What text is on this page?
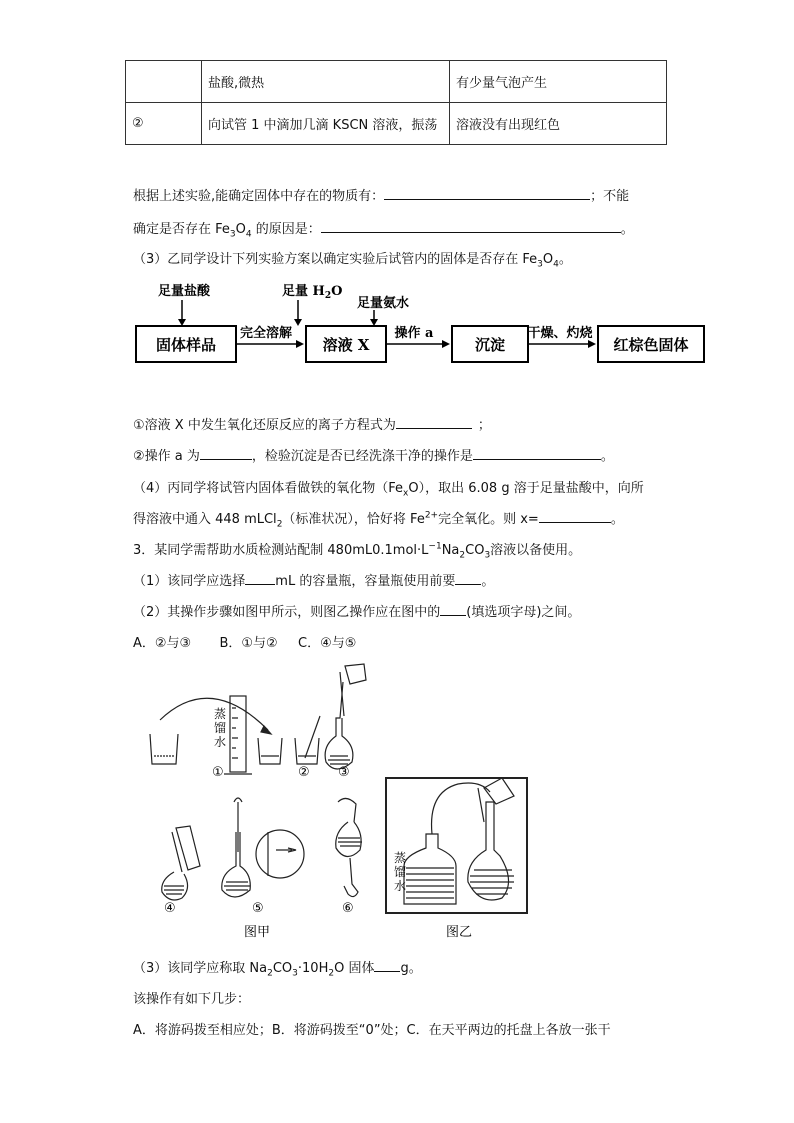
	盐酸,微热	有少量气泡产生
②	向试管 1 中滴加几滴 KSCN 溶液，振荡	溶液没有出现红色
根据上述实验,能确定固体中存在的物质有：	；不能
确定是否存在 $Fe_3O_4$ 的原因是：	。
（3）乙同学设计下列实验方案以确定实验后试管内的固体是否存在 $Fe_3O_4$。
足量盐酸	足量 $H_2O$
足量氨水
固体样品
完全溶解
溶液 X
操作 a
沉淀
干燥、灼烧
红棕色固体
①溶液 X 中发生氧化还原反应的离子方程式为	；
②操作 a 为	，检验沉淀是否已经洗涤干净的操作是	。
（4）丙同学将试管内固体看做铁的氧化物$(Fe_xO)$，取出 6.08 g 溶于足量盐酸中，向所
得溶液中通入 448 mLCl$_2$（标准状况），恰好将 $Fe^{2+}$完全氧化。则 x=	。
3．某同学需帮助水质检测站配制 $480mL0.1mol\cdot L^{-1}Na_2CO_3$溶液以备使用。
（1）该同学应选择 mL 的容量瓶，容量瓶使用前要 。
（2）其操作步骤如图甲所示，则图乙操作应在图中的 (填选项字母)之间。
A．②与③ B．①与② C．④与⑤
蒸
馏
水
①	② ③
④	⑤	⑥
图甲
蒸
馏
水
图乙
（3）该同学应称取 $Na_2CO_3\cdot 10H_2O$ 固体 g。
该操作有如下几步：
A．将游码拨至相应处；B．将游码拨至“0”处；C．在天平两边的托盘上各放一张干
